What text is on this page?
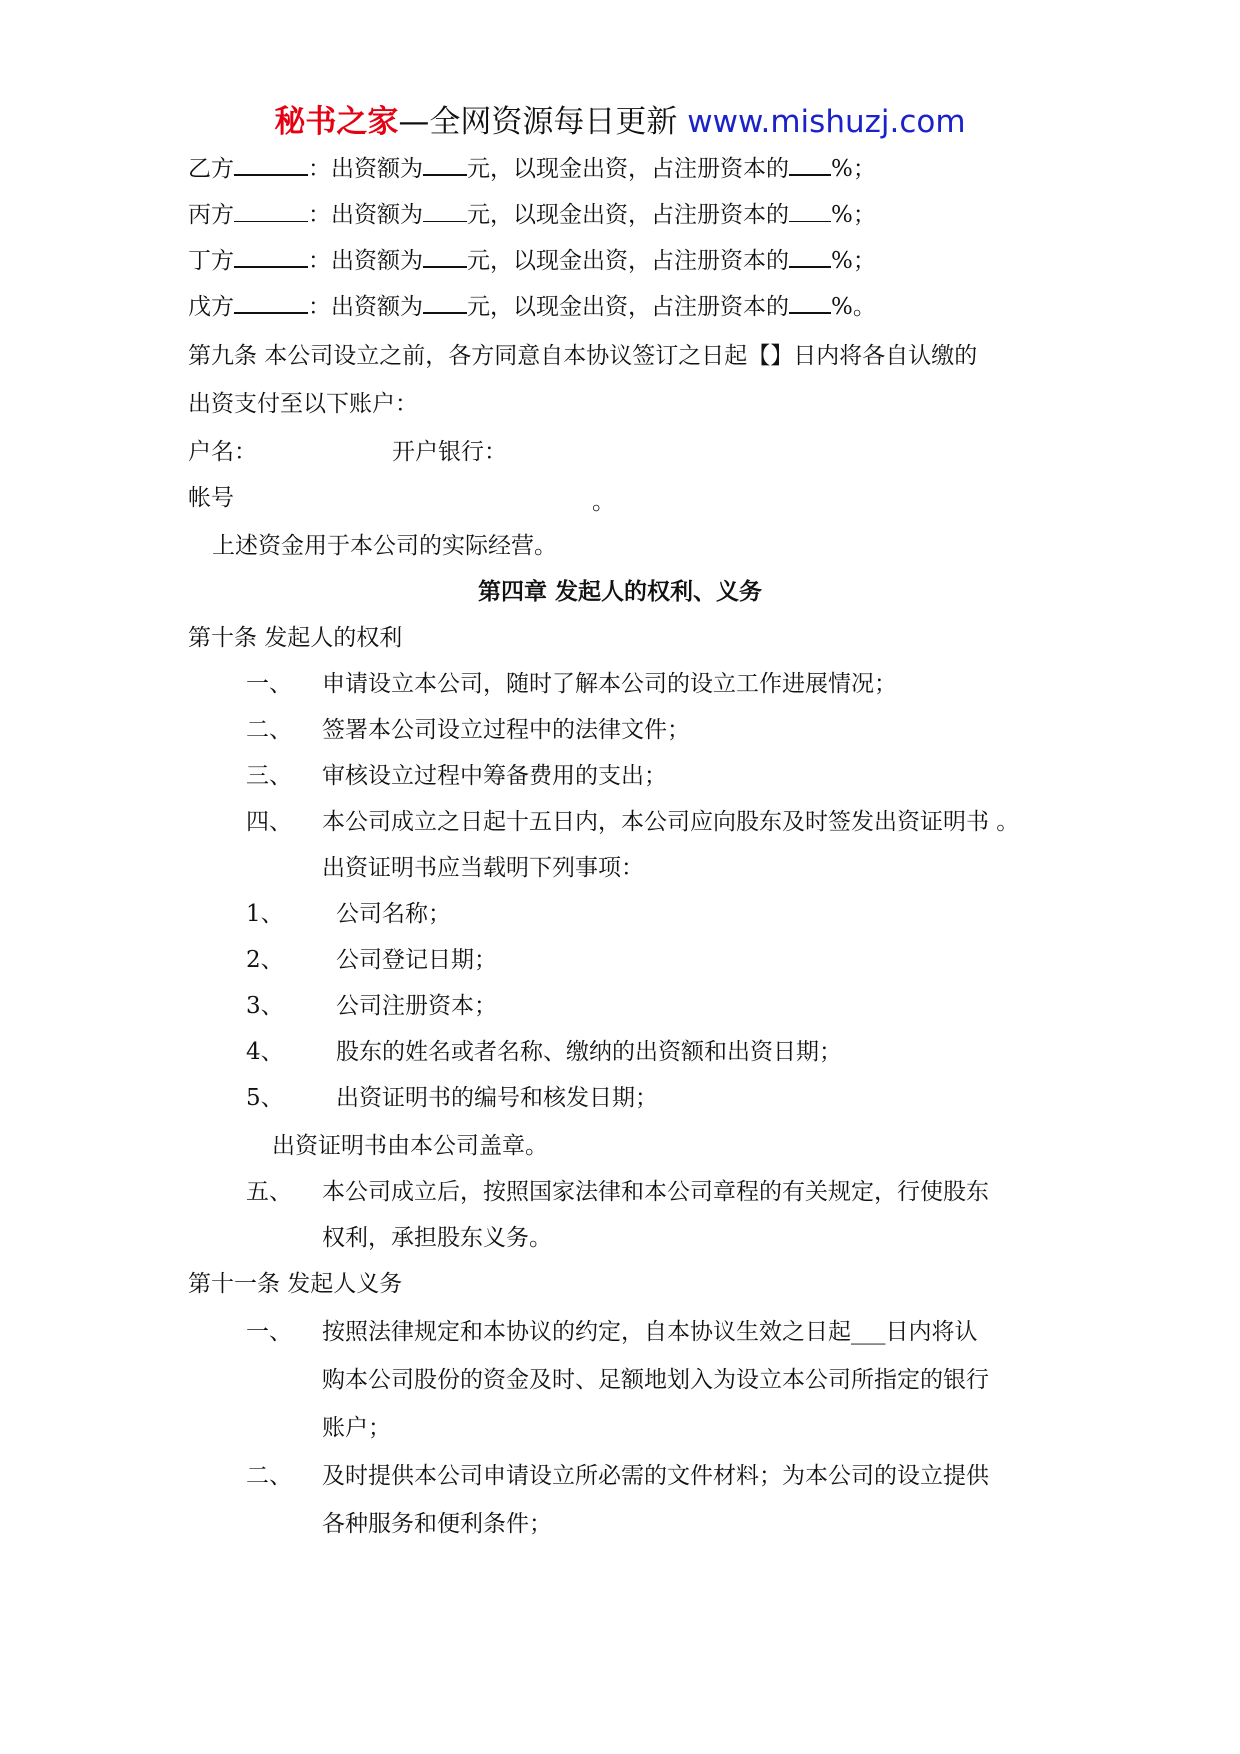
秘书之家—全网资源每日更新 www.mishuzj.com
乙方	：出资额为 元，以现金出资，占注册资本的 %；
丙方	：出资额为 元，以现金出资，占注册资本的 %；
丁方	：出资额为 元，以现金出资，占注册资本的 %；
戊方	：出资额为 元，以现金出资，占注册资本的 %。
第九条 本公司设立之前，各方同意自本协议签订之日起【】日内将各自认缴的
出资支付至以下账户：
户名：	开户银行：
帐号	。
上述资金用于本公司的实际经营。
第四章 发起人的权利、义务
第十条 发起人的权利
一、 申请设立本公司，随时了解本公司的设立工作进展情况；
二、 签署本公司设立过程中的法律文件；
三、 审核设立过程中筹备费用的支出；
四、 本公司成立之日起十五日内，本公司应向股东及时签发出资证明书 。
出资证明书应当载明下列事项：
1、 公司名称；
2、 公司登记日期；
3、 公司注册资本；
4、 股东的姓名或者名称、缴纳的出资额和出资日期；
5、 出资证明书的编号和核发日期；
出资证明书由本公司盖章。
五、 本公司成立后，按照国家法律和本公司章程的有关规定，行使股东
权利，承担股东义务。
第十一条 发起人义务
一、 按照法律规定和本协议的约定，自本协议生效之日起___日内将认
购本公司股份的资金及时、足额地划入为设立本公司所指定的银行
账户；
二、 及时提供本公司申请设立所必需的文件材料；为本公司的设立提供
各种服务和便利条件；
